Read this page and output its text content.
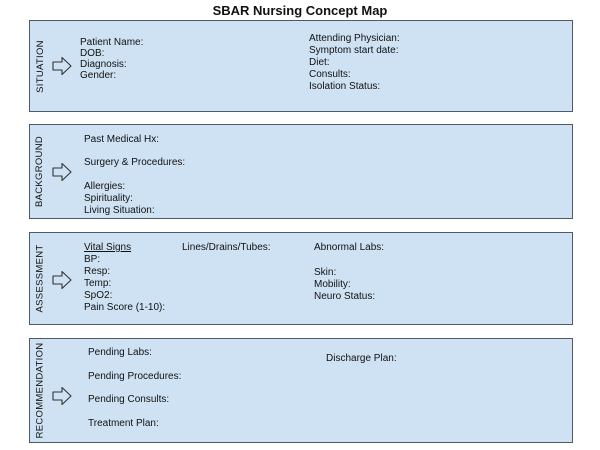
SBAR Nursing Concept Map
SITUATION	Patient Name:
DOB:
Diagnosis:
Gender:
Attending Physician:
Symptom start date:
Diet:
Consults:
Isolation Status:
BACKGROUND	Past Medical Hx:
Surgery & Procedures:
Allergies:
Spirituality:
Living Situation:
ASSESSMENT	Vital Signs
BP:
Resp:
Temp:
SpO2:
Pain Score (1-10):
Lines/Drains/Tubes:	Abnormal Labs:
Skin:
Mobility:
Neuro Status:
RECOMMENDATION	Pending Labs:
Pending Procedures:
Pending Consults:
Treatment Plan:
Discharge Plan:
